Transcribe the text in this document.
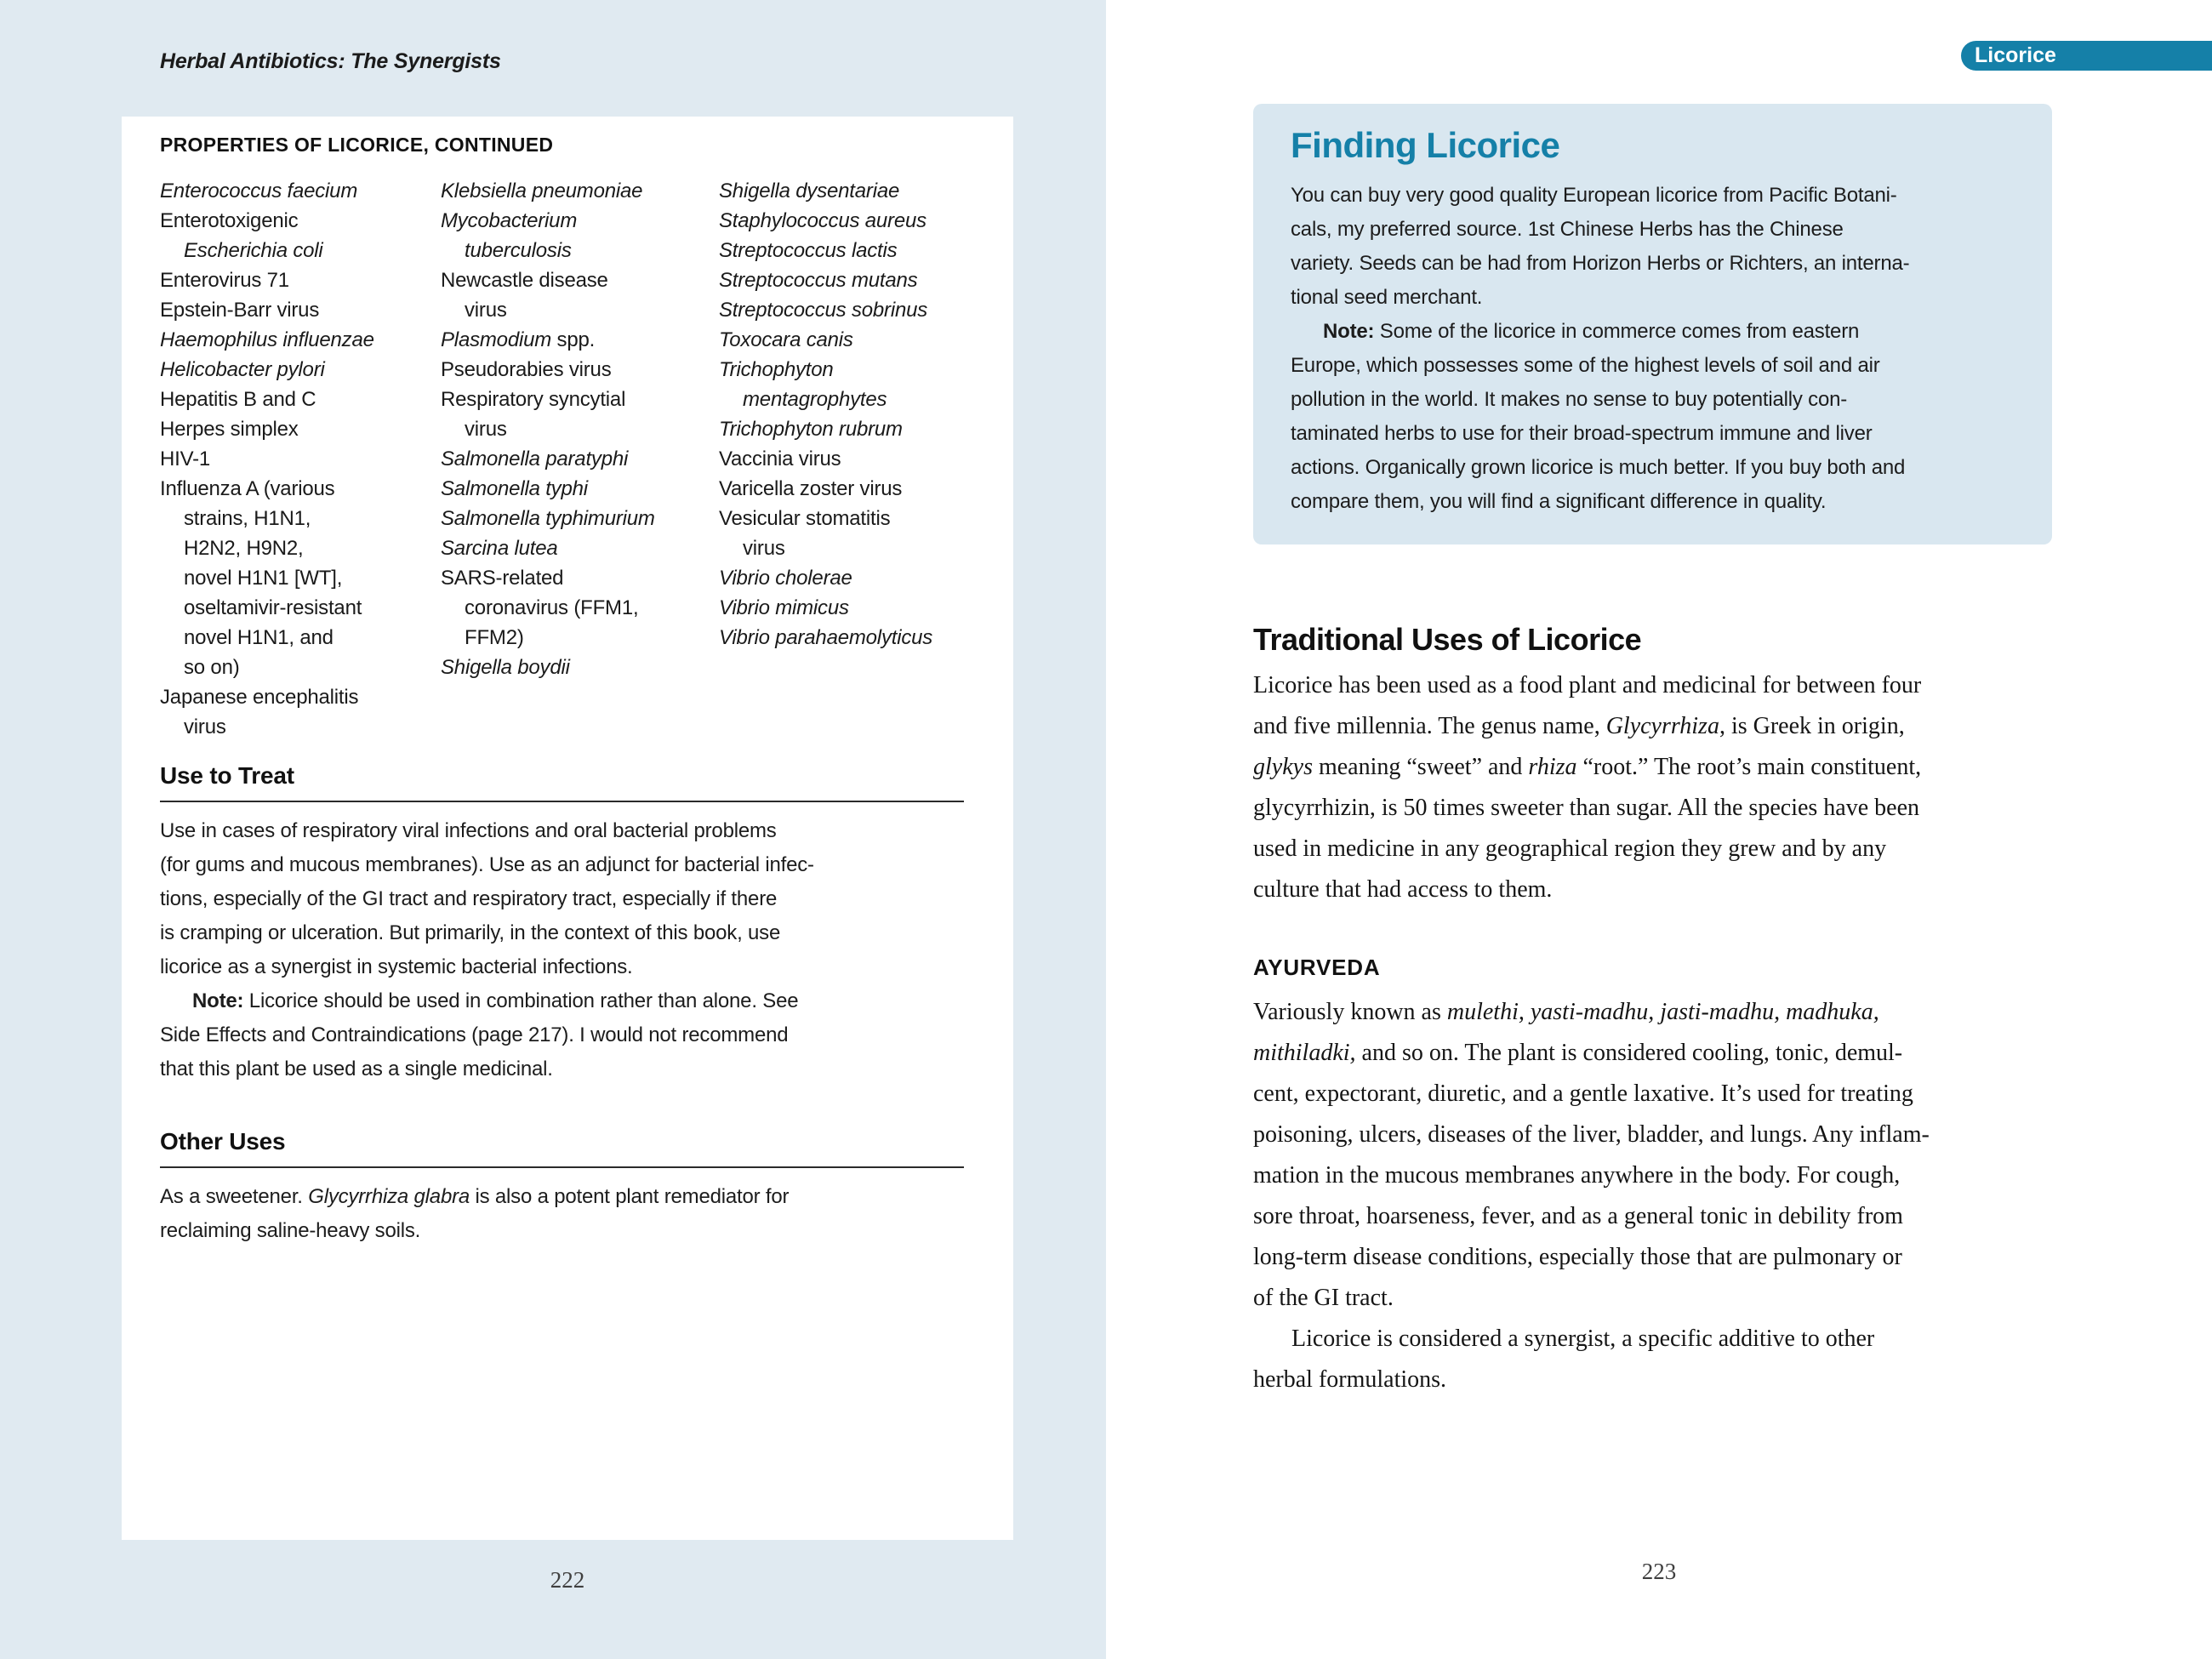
Herbal Antibiotics: The Synergists
PROPERTIES OF LICORICE, CONTINUED
Enterococcus faecium
Enterotoxigenic
Escherichia coli
Enterovirus 71
Epstein-Barr virus
Haemophilus influenzae
Helicobacter pylori
Hepatitis B and C
Herpes simplex
HIV-1
Influenza A (various
strains, H1N1,
H2N2, H9N2,
novel H1N1 [WT],
oseltamivir-resistant
novel H1N1, and
so on)
Japanese encephalitis
virus
Klebsiella pneumoniae
Mycobacterium
tuberculosis
Newcastle disease
virus
Plasmodium spp.
Pseudorabies virus
Respiratory syncytial
virus
Salmonella paratyphi
Salmonella typhi
Salmonella typhimurium
Sarcina lutea
SARS-related
coronavirus (FFM1,
FFM2)
Shigella boydii
Shigella dysentariae
Staphylococcus aureus
Streptococcus lactis
Streptococcus mutans
Streptococcus sobrinus
Toxocara canis
Trichophyton
mentagrophytes
Trichophyton rubrum
Vaccinia virus
Varicella zoster virus
Vesicular stomatitis
virus
Vibrio cholerae
Vibrio mimicus
Vibrio parahaemolyticus
Use to Treat
Use in cases of respiratory viral infections and oral bacterial problems
(for gums and mucous membranes). Use as an adjunct for bacterial infec-
tions, especially of the GI tract and respiratory tract, especially if there
is cramping or ulceration. But primarily, in the context of this book, use
licorice as a synergist in systemic bacterial infections.
Note: Licorice should be used in combination rather than alone. See
Side Effects and Contraindications (page 217). I would not recommend
that this plant be used as a single medicinal.
Other Uses
As a sweetener. Glycyrrhiza glabra is also a potent plant remediator for
reclaiming saline-heavy soils.
222
Licorice
Finding Licorice
You can buy very good quality European licorice from Pacific Botani-
cals, my preferred source. 1st Chinese Herbs has the Chinese
variety. Seeds can be had from Horizon Herbs or Richters, an interna-
tional seed merchant.
Note: Some of the licorice in commerce comes from eastern
Europe, which possesses some of the highest levels of soil and air
pollution in the world. It makes no sense to buy potentially con-
taminated herbs to use for their broad-spectrum immune and liver
actions. Organically grown licorice is much better. If you buy both and
compare them, you will find a significant difference in quality.
Traditional Uses of Licorice
Licorice has been used as a food plant and medicinal for between four
and five millennia. The genus name, Glycyrrhiza, is Greek in origin,
glykys meaning “sweet” and rhiza “root.” The root’s main constituent,
glycyrrhizin, is 50 times sweeter than sugar. All the species have been
used in medicine in any geographical region they grew and by any
culture that had access to them.
AYURVEDA
Variously known as mulethi, yasti-madhu, jasti-madhu, madhuka,
mithiladki, and so on. The plant is considered cooling, tonic, demul-
cent, expectorant, diuretic, and a gentle laxative. It’s used for treating
poisoning, ulcers, diseases of the liver, bladder, and lungs. Any inflam-
mation in the mucous membranes anywhere in the body. For cough,
sore throat, hoarseness, fever, and as a general tonic in debility from
long-term disease conditions, especially those that are pulmonary or
of the GI tract.
Licorice is considered a synergist, a specific additive to other
herbal formulations.
223
